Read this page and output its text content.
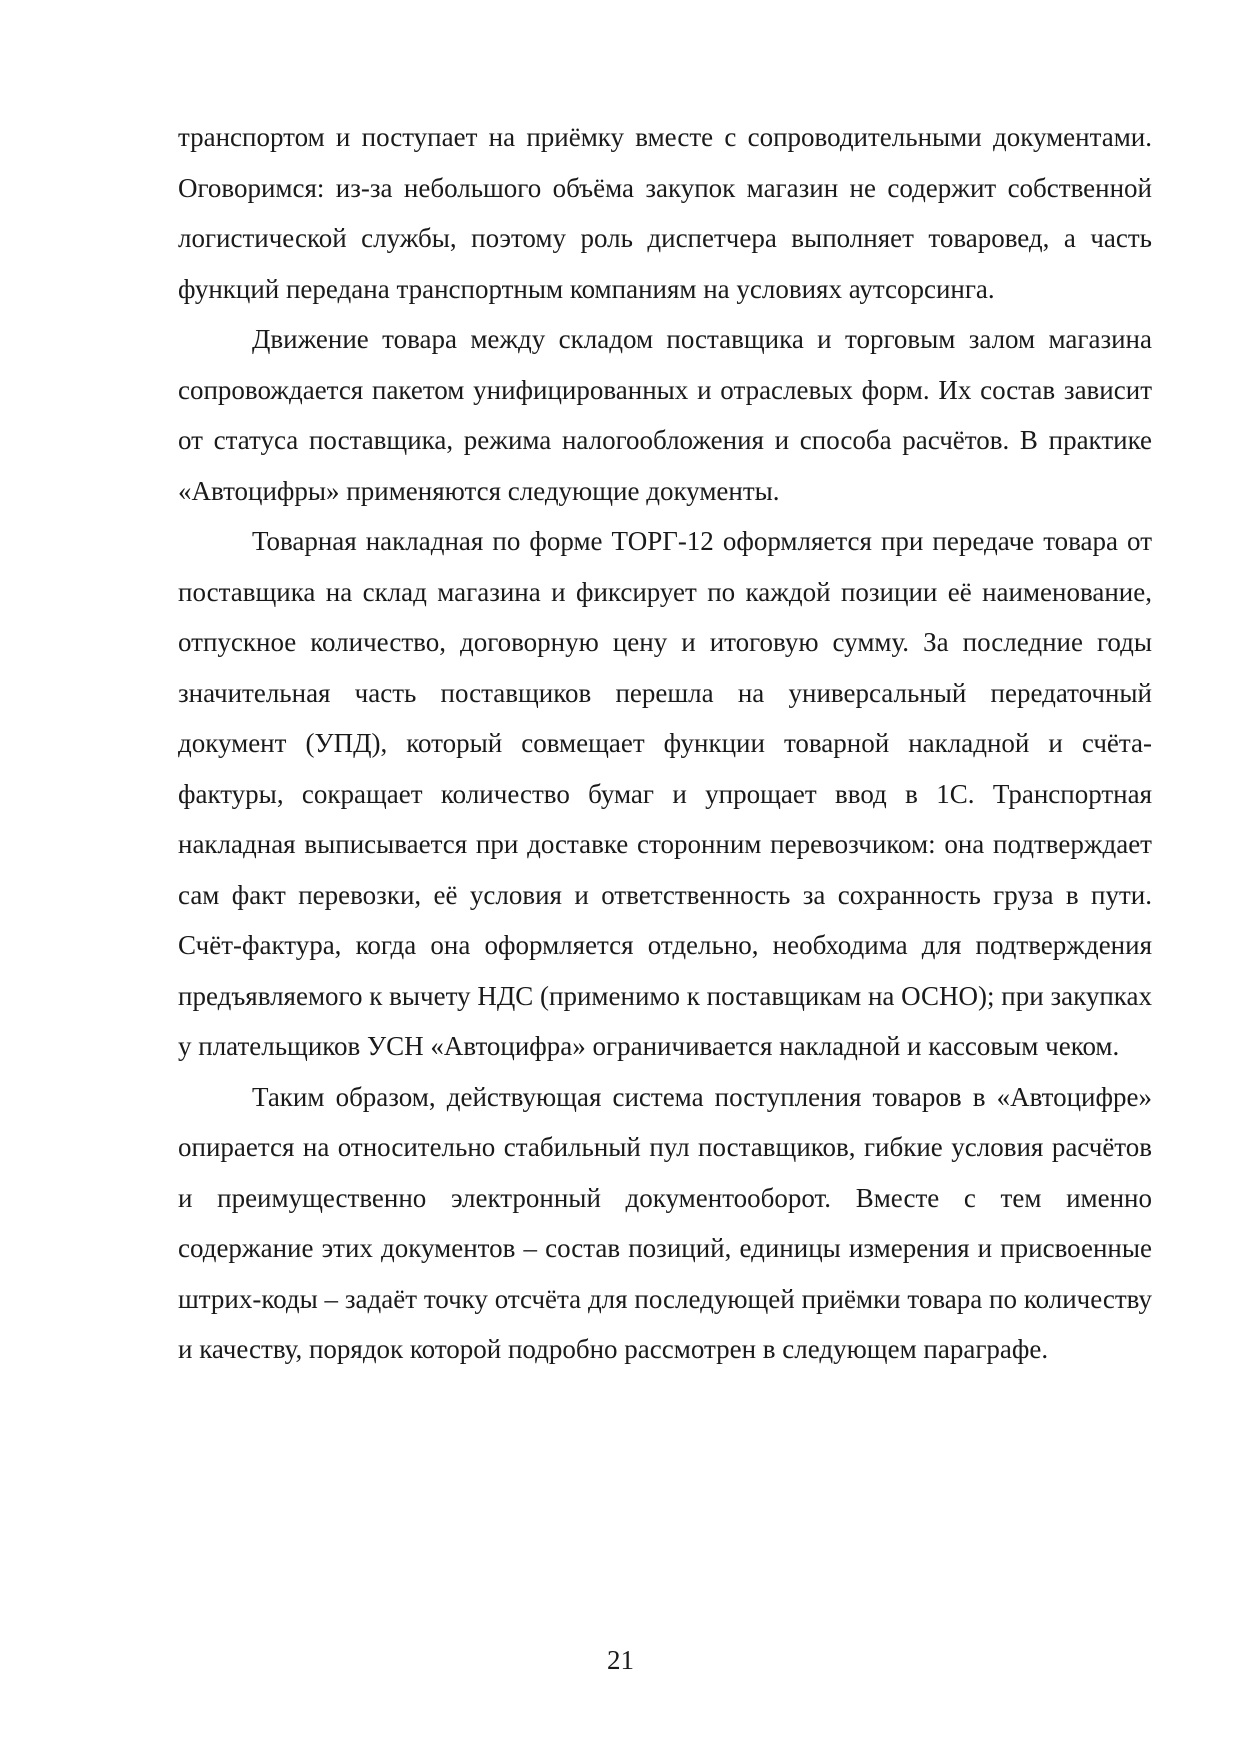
транспортом и поступает на приёмку вместе с сопроводительными документами. Оговоримся: из-за небольшого объёма закупок магазин не содержит собственной логистической службы, поэтому роль диспетчера выполняет товаровед, а часть функций передана транспортным компаниям на условиях аутсорсинга.

Движение товара между складом поставщика и торговым залом магазина сопровождается пакетом унифицированных и отраслевых форм. Их состав зависит от статуса поставщика, режима налогообложения и способа расчётов. В практике «Автоцифры» применяются следующие документы.

Товарная накладная по форме ТОРГ-12 оформляется при передаче товара от поставщика на склад магазина и фиксирует по каждой позиции её наименование, отпускное количество, договорную цену и итоговую сумму. За последние годы значительная часть поставщиков перешла на универсальный передаточный документ (УПД), который совмещает функции товарной накладной и счёта-фактуры, сокращает количество бумаг и упрощает ввод в 1С. Транспортная накладная выписывается при доставке сторонним перевозчиком: она подтверждает сам факт перевозки, её условия и ответственность за сохранность груза в пути. Счёт-фактура, когда она оформляется отдельно, необходима для подтверждения предъявляемого к вычету НДС (применимо к поставщикам на ОСНО); при закупках у плательщиков УСН «Автоцифра» ограничивается накладной и кассовым чеком.

Таким образом, действующая система поступления товаров в «Автоцифре» опирается на относительно стабильный пул поставщиков, гибкие условия расчётов и преимущественно электронный документооборот. Вместе с тем именно содержание этих документов – состав позиций, единицы измерения и присвоенные штрих-коды – задаёт точку отсчёта для последующей приёмки товара по количеству и качеству, порядок которой подробно рассмотрен в следующем параграфе.

21
